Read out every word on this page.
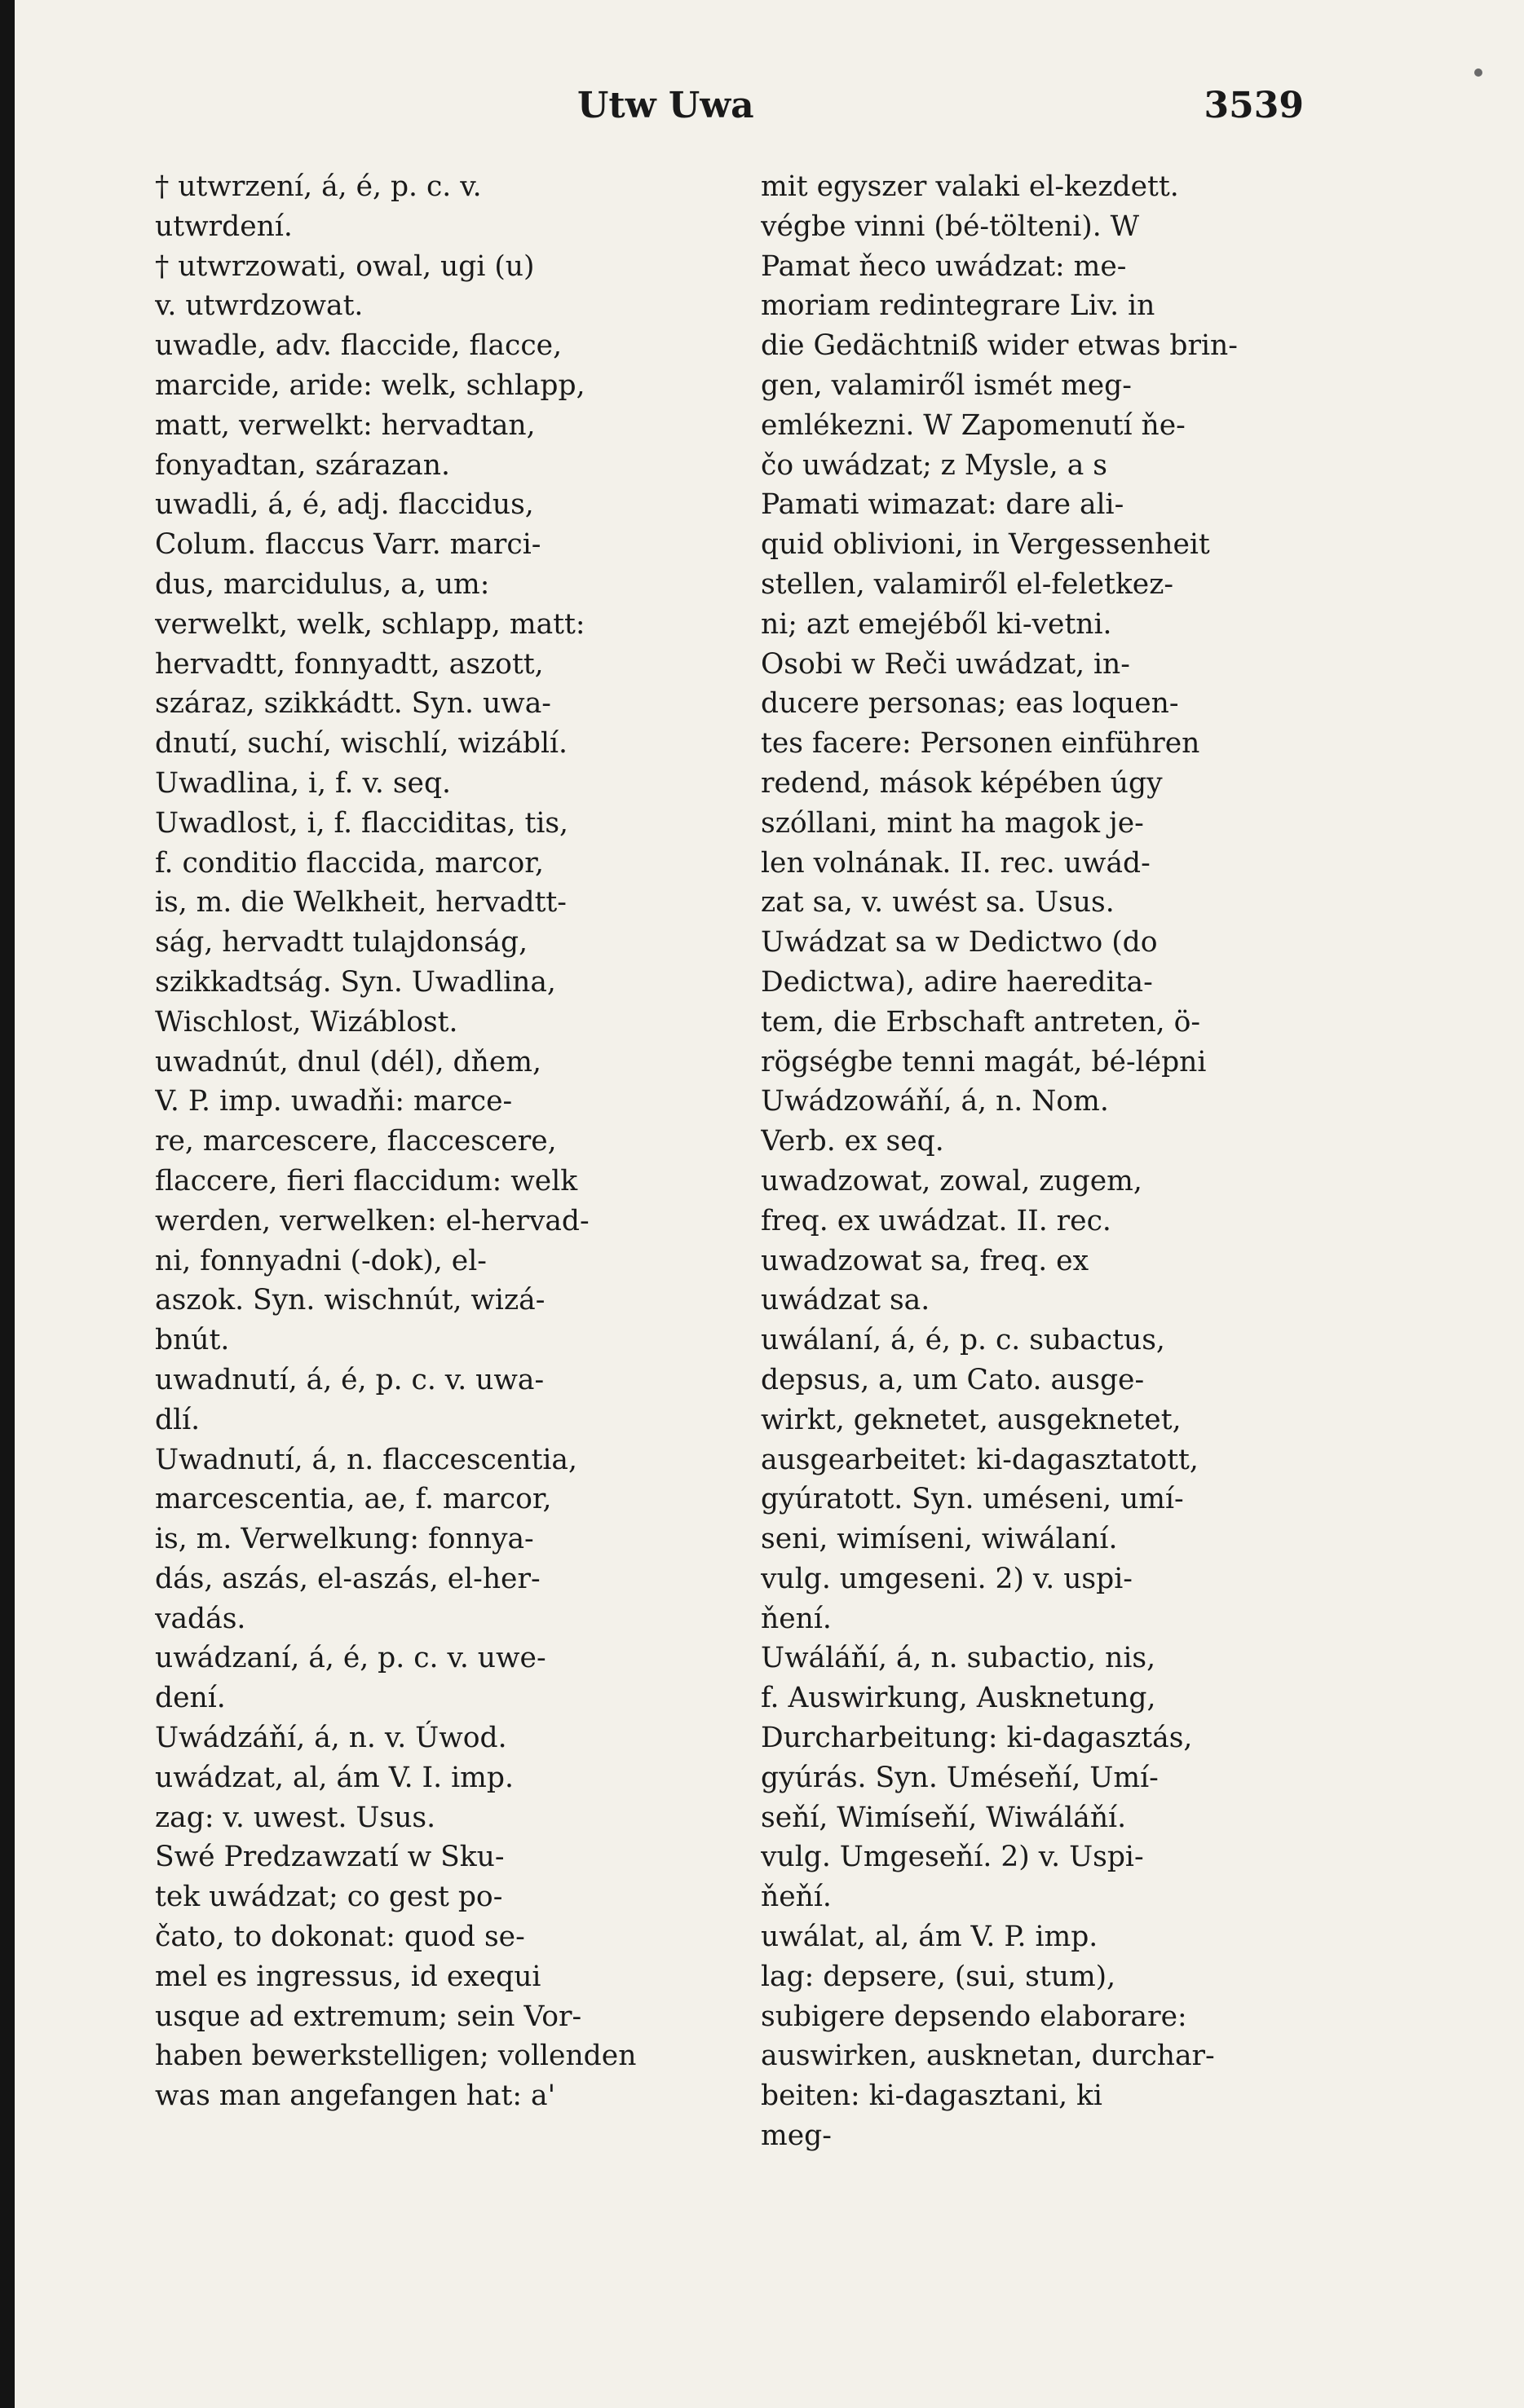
Utw Uwa	3539
† utwrzení, á, é, p. c. v.
utwrdení.
† utwrzowati, owal, ugi (u)
v. utwrdzowat.
uwadle, adv. flaccide, flacce,
marcide, aride: welk, schlapp,
matt, verwelkt: hervadtan,
fonyadtan, szárazan.
uwadli, á, é, adj. flaccidus,
Colum. flaccus Varr. marci-
dus, marcidulus, a, um:
verwelkt, welk, schlapp, matt:
hervadtt, fonnyadtt, aszott,
száraz, szikkádtt. Syn. uwa-
dnutí, suchí, wischlí, wizáblí.
Uwadlina, i, f. v. seq.
Uwadlost, i, f. flacciditas, tis,
f. conditio flaccida, marcor,
is, m. die Welkheit, hervadtt-
ság, hervadtt tulajdonság,
szikkadtság. Syn. Uwadlina,
Wischlost, Wizáblost.
uwadnút, dnul (dél), dňem,
V. P. imp. uwadňi: marce-
re, marcescere, flaccescere,
flaccere, fieri flaccidum: welk
werden, verwelken: el-hervad-
ni, fonnyadni (-dok), el-
aszok. Syn. wischnút, wizá-
bnút.
uwadnutí, á, é, p. c. v. uwa-
dlí.
Uwadnutí, á, n. flaccescentia,
marcescentia, ae, f. marcor,
is, m. Verwelkung: fonnya-
dás, aszás, el-aszás, el-her-
vadás.
uwádzaní, á, é, p. c. v. uwe-
dení.
Uwádzáňí, á, n. v. Úwod.
uwádzat, al, ám V. I. imp.
zag: v. uwest. Usus.
Swé Predzawzatí w Sku-
tek uwádzat; co gest po-
čato, to dokonat: quod se-
mel es ingressus, id exequi
usque ad extremum; sein Vor-
haben bewerkstelligen; vollenden
was man angefangen hat: a'
mit egyszer valaki el-kezdett.
végbe vinni (bé-tölteni). W
Pamat ňeco uwádzat: me-
moriam redintegrare Liv. in
die Gedächtniß wider etwas brin-
gen, valamiről ismét meg-
emlékezni. W Zapomenutí ňe-
čo uwádzat; z Mysle, a s
Pamati wimazat: dare ali-
quid oblivioni, in Vergessenheit
stellen, valamiről el-feletkez-
ni; azt emejéből ki-vetni.
Osobi w Reči uwádzat, in-
ducere personas; eas loquen-
tes facere: Personen einführen
redend, mások képében úgy
szóllani, mint ha magok je-
len volnának. II. rec. uwád-
zat sa, v. uwést sa. Usus.
Uwádzat sa w Dedictwo (do
Dedictwa), adire haeredita-
tem, die Erbschaft antreten, ö-
rögségbe tenni magát, bé-lépni
Uwádzowáňí, á, n. Nom.
Verb. ex seq.
uwadzowat, zowal, zugem,
freq. ex uwádzat. II. rec.
uwadzowat sa, freq. ex
uwádzat sa.
uwálaní, á, é, p. c. subactus,
depsus, a, um Cato. ausge-
wirkt, geknetet, ausgeknetet,
ausgearbeitet: ki-dagasztatott,
gyúratott. Syn. uméseni, umí-
seni, wimíseni, wiwálaní.
vulg. umgeseni. 2) v. uspi-
ňení.
Uwáláňí, á, n. subactio, nis,
f. Auswirkung, Ausknetung,
Durcharbeitung: ki-dagasztás,
gyúrás. Syn. Uméseňí, Umí-
seňí, Wimíseňí, Wiwáláňí.
vulg. Umgeseňí. 2) v. Uspi-
ňeňí.
uwálat, al, ám V. P. imp.
lag: depsere, (sui, stum),
subigere depsendo elaborare:
auswirken, ausknetan, durchar-
beiten: ki-dagasztani, ki
meg-
